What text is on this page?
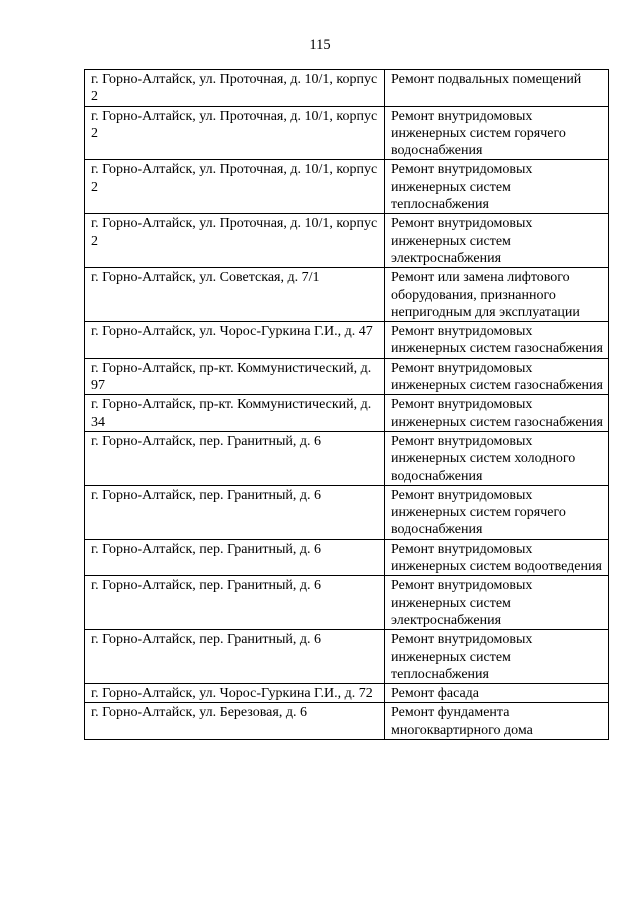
115
г. Горно-Алтайск, ул. Проточная, д. 10/1, корпус 2	Ремонт подвальных помещений
г. Горно-Алтайск, ул. Проточная, д. 10/1, корпус 2	Ремонт внутридомовых инженерных систем горячего водоснабжения
г. Горно-Алтайск, ул. Проточная, д. 10/1, корпус 2	Ремонт внутридомовых инженерных систем теплоснабжения
г. Горно-Алтайск, ул. Проточная, д. 10/1, корпус 2	Ремонт внутридомовых инженерных систем электроснабжения
г. Горно-Алтайск, ул. Советская, д. 7/1	Ремонт или замена лифтового оборудования, признанного непригодным для эксплуатации
г. Горно-Алтайск, ул. Чорос-Гуркина Г.И., д. 47	Ремонт внутридомовых инженерных систем газоснабжения
г. Горно-Алтайск, пр-кт. Коммунистический, д. 97	Ремонт внутридомовых инженерных систем газоснабжения
г. Горно-Алтайск, пр-кт. Коммунистический, д. 34	Ремонт внутридомовых инженерных систем газоснабжения
г. Горно-Алтайск, пер. Гранитный, д. 6	Ремонт внутридомовых инженерных систем холодного водоснабжения
г. Горно-Алтайск, пер. Гранитный, д. 6	Ремонт внутридомовых инженерных систем горячего водоснабжения
г. Горно-Алтайск, пер. Гранитный, д. 6	Ремонт внутридомовых инженерных систем водоотведения
г. Горно-Алтайск, пер. Гранитный, д. 6	Ремонт внутридомовых инженерных систем электроснабжения
г. Горно-Алтайск, пер. Гранитный, д. 6	Ремонт внутридомовых инженерных систем теплоснабжения
г. Горно-Алтайск, ул. Чорос-Гуркина Г.И., д. 72	Ремонт фасада
г. Горно-Алтайск, ул. Березовая, д. 6	Ремонт фундамента многоквартирного дома
